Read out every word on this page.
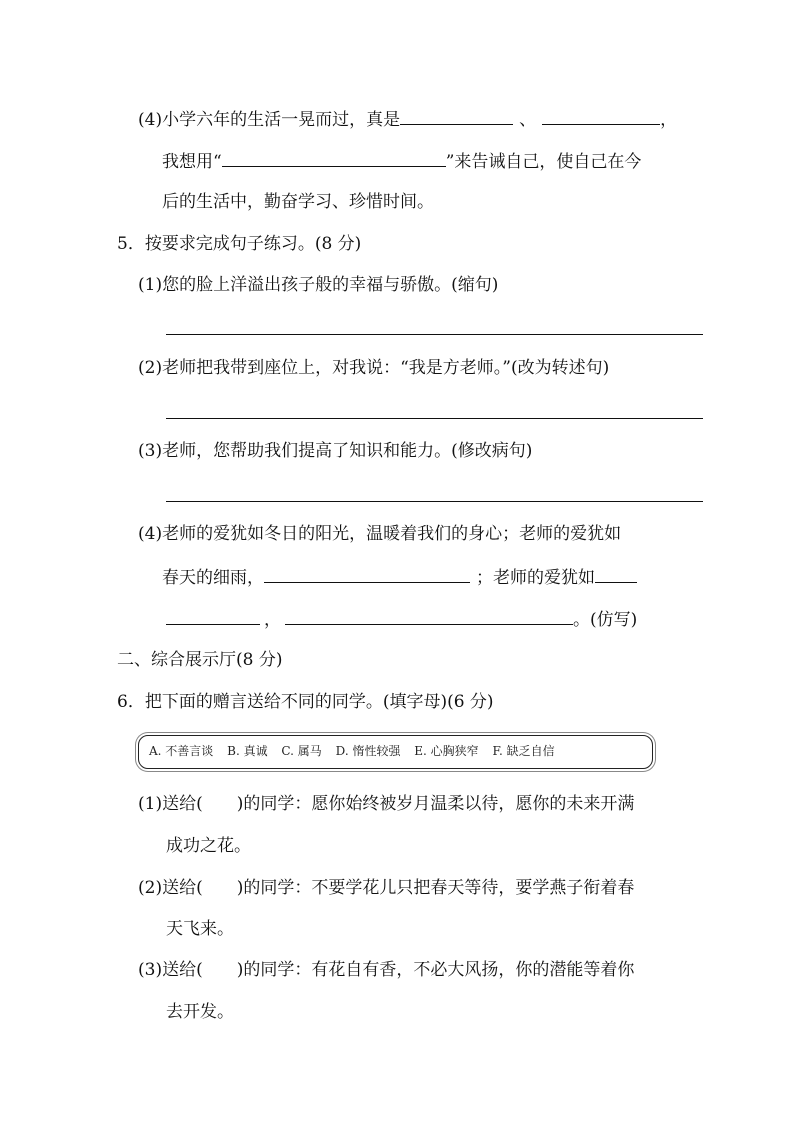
(4)小学六年的生活一晃而过，真是	、	，
我想用“	”来告诫自己，使自己在今
后的生活中，勤奋学习、珍惜时间。
5．按要求完成句子练习。(8 分)
(1)您的脸上洋溢出孩子般的幸福与骄傲。(缩句)
(2)老师把我带到座位上，对我说：“我是方老师。”(改为转述句)
(3)老师，您帮助我们提高了知识和能力。(修改病句)
(4)老师的爱犹如冬日的阳光，温暖着我们的身心；老师的爱犹如
春天的细雨，	；老师的爱犹如
，	。(仿写)
二、综合展示厅(8 分)
6．把下面的赠言送给不同的同学。(填字母)(6 分)
A. 不善言谈 B. 真诚 C. 属马 D. 惰性较强 E. 心胸狭窄 F. 缺乏自信
(1)送给(　　)的同学：愿你始终被岁月温柔以待，愿你的未来开满
成功之花。
(2)送给(　　)的同学：不要学花儿只把春天等待，要学燕子衔着春
天飞来。
(3)送给(　　)的同学：有花自有香，不必大风扬，你的潜能等着你
去开发。
